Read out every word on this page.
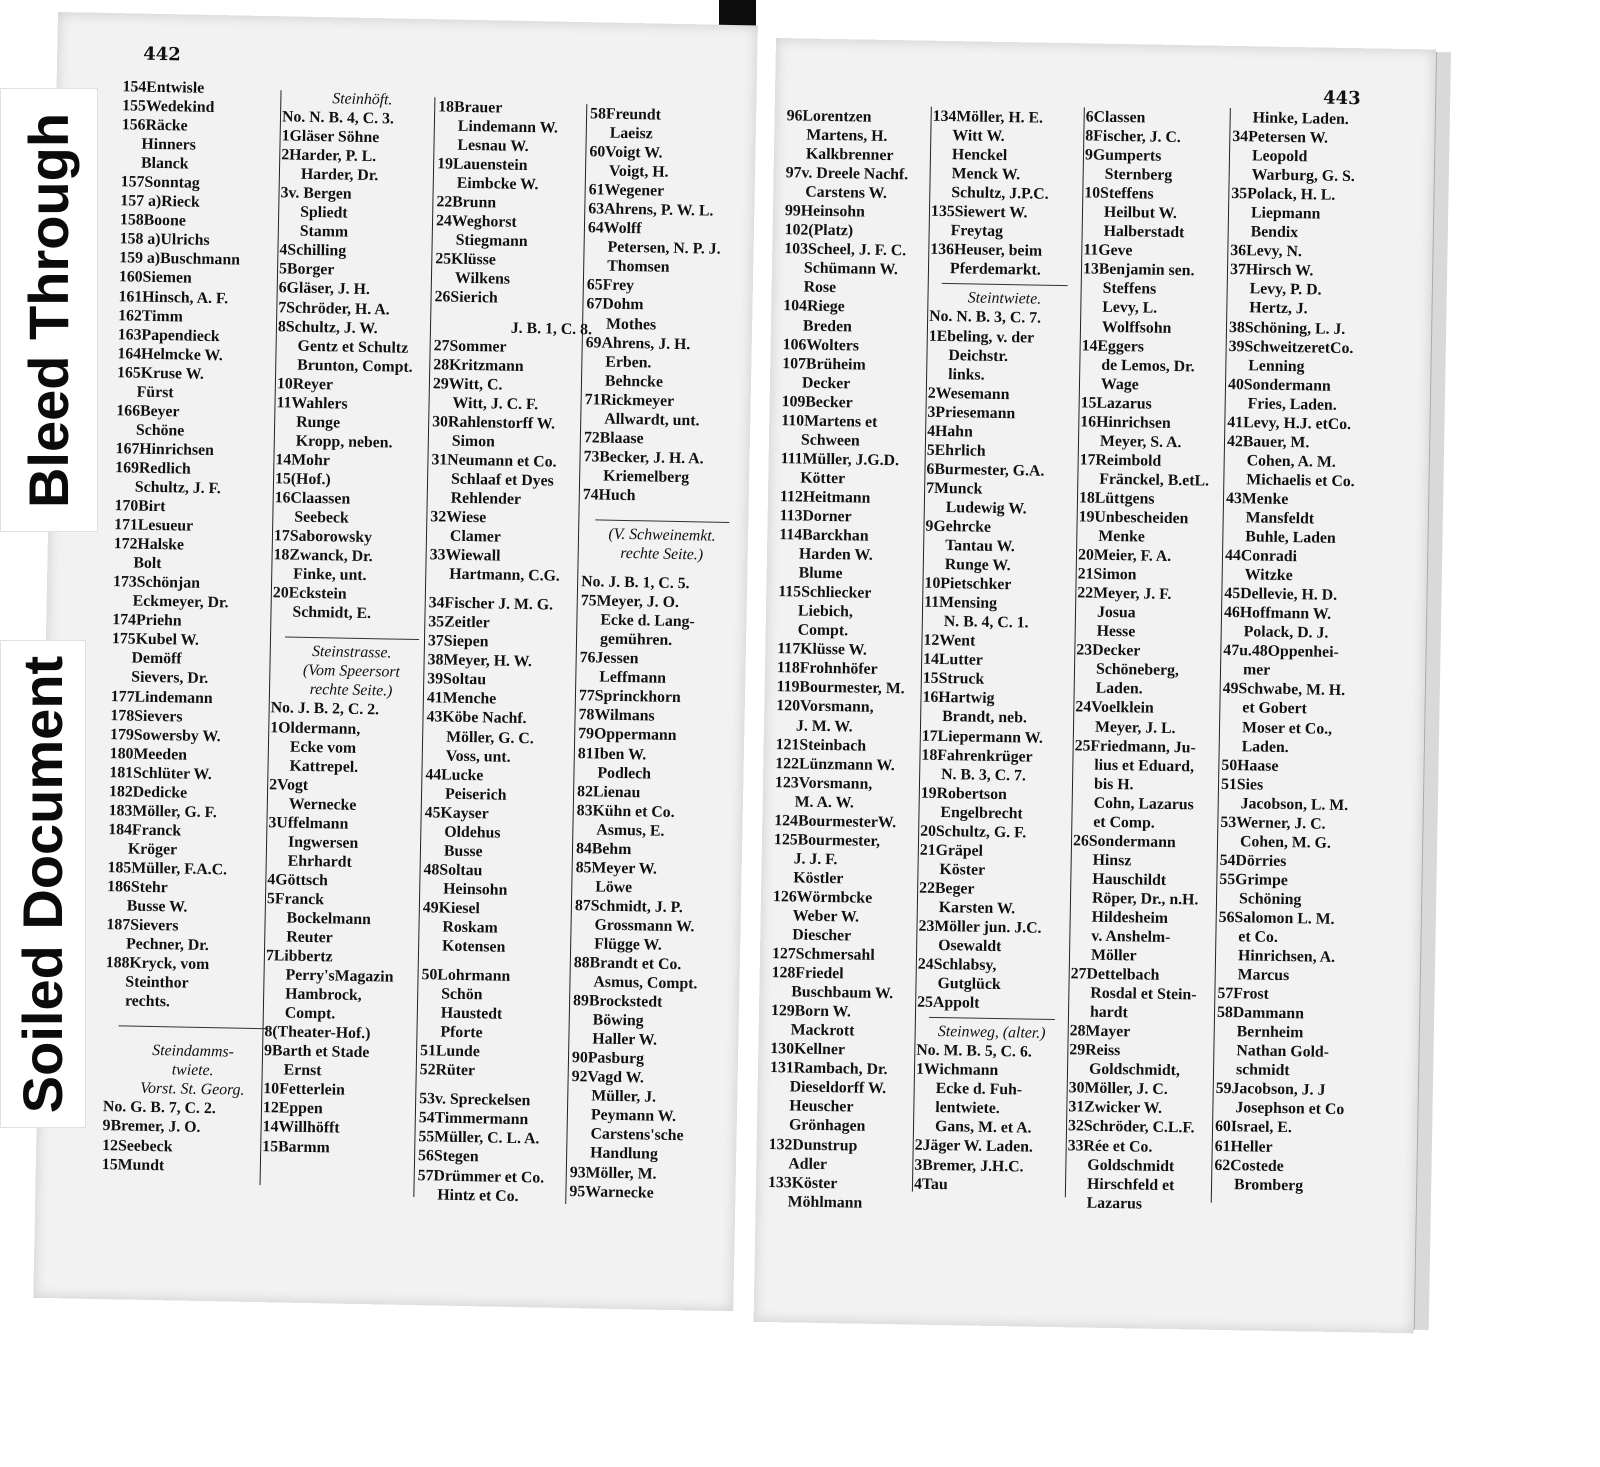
442
154Entwisle
155Wedekind
156Räcke
Hinners
Blanck
157Sonntag
157 a)Rieck
158Boone
158 a)Ulrichs
159 a)Buschmann
160Siemen
161Hinsch, A. F.
162Timm
163Papendieck
164Helmcke W.
165Kruse W.
Fürst
166Beyer
Schöne
167Hinrichsen
169Redlich
Schultz, J. F.
170Birt
171Lesueur
172Halske
Bolt
173Schönjan
Eckmeyer, Dr.
174Priehn
175Kubel W.
Demöff
Sievers, Dr.
177Lindemann
178Sievers
179Sowersby W.
180Meeden
181Schlüter W.
182Dedicke
183Möller, G. F.
184Franck
Kröger
185Müller, F.A.C.
186Stehr
Busse W.
187Sievers
Pechner, Dr.
188Kryck, vom
Steinthor
rechts.
Steindamms-
twiete.
Vorst. St. Georg.
No. G. B. 7, C. 2.
9Bremer, J. O.
12Seebeck
15Mundt
Steinhöft.
No. N. B. 4, C. 3.
1Gläser Söhne
2Harder, P. L.
Harder, Dr.
3v. Bergen
Spliedt
Stamm
4Schilling
5Borger
6Gläser, J. H.
7Schröder, H. A.
8Schultz, J. W.
Gentz et Schultz
Brunton, Compt.
10Reyer
11Wahlers
Runge
Kropp, neben.
14Mohr
15(Hof.)
16Claassen
Seebeck
17Saborowsky
18Zwanck, Dr.
Finke, unt.
20Eckstein
Schmidt, E.
Steinstrasse.
(Vom Speersort
rechte Seite.)
No. J. B. 2, C. 2.
1Oldermann,
Ecke vom
Kattrepel.
2Vogt
Wernecke
3Uffelmann
Ingwersen
Ehrhardt
4Göttsch
5Franck
Bockelmann
Reuter
7Libbertz
Perry'sMagazin
Hambrock,
Compt.
8(Theater-Hof.)
9Barth et Stade
Ernst
10Fetterlein
12Eppen
14Willhöfft
15Barmm
18Brauer
Lindemann W.
Lesnau W.
19Lauenstein
Eimbcke W.
22Brunn
24Weghorst
Stiegmann
25Klüsse
Wilkens
26Sierich
J. B. 1, C. 8.
27Sommer
28Kritzmann
29Witt, C.
Witt, J. C. F.
30Rahlenstorff W.
Simon
31Neumann et Co.
Schlaaf et Dyes
Rehlender
32Wiese
Clamer
33Wiewall
Hartmann, C.G.
34Fischer J. M. G.
35Zeitler
37Siepen
38Meyer, H. W.
39Soltau
41Menche
43Köbe Nachf.
Möller, G. C.
Voss, unt.
44Lucke
Peiserich
45Kayser
Oldehus
Busse
48Soltau
Heinsohn
49Kiesel
Roskam
Kotensen
50Lohrmann
Schön
Haustedt
Pforte
51Lunde
52Rüter
53v. Spreckelsen
54Timmermann
55Müller, C. L. A.
56Stegen
57Drümmer et Co.
Hintz et Co.
58Freundt
Laeisz
60Voigt W.
Voigt, H.
61Wegener
63Ahrens, P. W. L.
64Wolff
Petersen, N. P. J.
Thomsen
65Frey
67Dohm
Mothes
69Ahrens, J. H.
Erben.
Behncke
71Rickmeyer
Allwardt, unt.
72Blaase
73Becker, J. H. A.
Kriemelberg
74Huch
(V. Schweinemkt.
rechte Seite.)
No. J. B. 1, C. 5.
75Meyer, J. O.
Ecke d. Lang-
gemühren.
76Jessen
Leffmann
77Sprinckhorn
78Wilmans
79Oppermann
81Iben W.
Podlech
82Lienau
83Kühn et Co.
Asmus, E.
84Behm
85Meyer W.
Löwe
87Schmidt, J. P.
Grossmann W.
Flügge W.
88Brandt et Co.
Asmus, Compt.
89Brockstedt
Böwing
Haller W.
90Pasburg
92Vagd W.
Müller, J.
Peymann W.
Carstens'sche
Handlung
93Möller, M.
95Warnecke
443
96Lorentzen
Martens, H.
Kalkbrenner
97v. Dreele Nachf.
Carstens W.
99Heinsohn
102(Platz)
103Scheel, J. F. C.
Schümann W.
Rose
104Riege
Breden
106Wolters
107Brüheim
Decker
109Becker
110Martens et
Schween
111Müller, J.G.D.
Kötter
112Heitmann
113Dorner
114Barckhan
Harden W.
Blume
115Schliecker
Liebich,
Compt.
117Klüsse W.
118Frohnhöfer
119Bourmester, M.
120Vorsmann,
J. M. W.
121Steinbach
122Lünzmann W.
123Vorsmann,
M. A. W.
124BourmesterW.
125Bourmester,
J. J. F.
Köstler
126Wörmbcke
Weber W.
Diescher
127Schmersahl
128Friedel
Buschbaum W.
129Born W.
Mackrott
130Kellner
131Rambach, Dr.
Dieseldorff W.
Heuscher
Grönhagen
132Dunstrup
Adler
133Köster
Möhlmann
134Möller, H. E.
Witt W.
Henckel
Menck W.
Schultz, J.P.C.
135Siewert W.
Freytag
136Heuser, beim
Pferdemarkt.
Steintwiete.
No. N. B. 3, C. 7.
1Ebeling, v. der
Deichstr.
links.
2Wesemann
3Priesemann
4Hahn
5Ehrlich
6Burmester, G.A.
7Munck
Ludewig W.
9Gehrcke
Tantau W.
Runge W.
10Pietschker
11Mensing
N. B. 4, C. 1.
12Went
14Lutter
15Struck
16Hartwig
Brandt, neb.
17Liepermann W.
18Fahrenkrüger
N. B. 3, C. 7.
19Robertson
Engelbrecht
20Schultz, G. F.
21Gräpel
Köster
22Beger
Karsten W.
23Möller jun. J.C.
Osewaldt
24Schlabsy,
Gutglück
25Appolt
Steinweg, (alter.)
No. M. B. 5, C. 6.
1Wichmann
Ecke d. Fuh-
lentwiete.
Gans, M. et A.
2Jäger W. Laden.
3Bremer, J.H.C.
4Tau
6Classen
8Fischer, J. C.
9Gumperts
Sternberg
10Steffens
Heilbut W.
Halberstadt
11Geve
13Benjamin sen.
Steffens
Levy, L.
Wolffsohn
14Eggers
de Lemos, Dr.
Wage
15Lazarus
16Hinrichsen
Meyer, S. A.
17Reimbold
Fränckel, B.etL.
18Lüttgens
19Unbescheiden
Menke
20Meier, F. A.
21Simon
22Meyer, J. F.
Josua
Hesse
23Decker
Schöneberg,
Laden.
24Voelklein
Meyer, J. L.
25Friedmann, Ju-
lius et Eduard,
bis H.
Cohn, Lazarus
et Comp.
26Sondermann
Hinsz
Hauschildt
Röper, Dr., n.H.
Hildesheim
v. Anshelm-
Möller
27Dettelbach
Rosdal et Stein-
hardt
28Mayer
29Reiss
Goldschmidt,
30Möller, J. C.
31Zwicker W.
32Schröder, C.L.F.
33Rée et Co.
Goldschmidt
Hirschfeld et
Lazarus
Hinke, Laden.
34Petersen W.
Leopold
Warburg, G. S.
35Polack, H. L.
Liepmann
Bendix
36Levy, N.
37Hirsch W.
Levy, P. D.
Hertz, J.
38Schöning, L. J.
39SchweitzeretCo.
Lenning
40Sondermann
Fries, Laden.
41Levy, H.J. etCo.
42Bauer, M.
Cohen, A. M.
Michaelis et Co.
43Menke
Mansfeldt
Buhle, Laden
44Conradi
Witzke
45Dellevie, H. D.
46Hoffmann W.
Polack, D. J.
47u.48Oppenhei-
mer
49Schwabe, M. H.
et Gobert
Moser et Co.,
Laden.
50Haase
51Sies
Jacobson, L. M.
53Werner, J. C.
Cohen, M. G.
54Dörries
55Grimpe
Schöning
56Salomon L. M.
et Co.
Hinrichsen, A.
Marcus
57Frost
58Dammann
Bernheim
Nathan Gold-
schmidt
59Jacobson, J. J
Josephson et Co
60Israel, E.
61Heller
62Costede
Bromberg
Bleed Through
Soiled Document
